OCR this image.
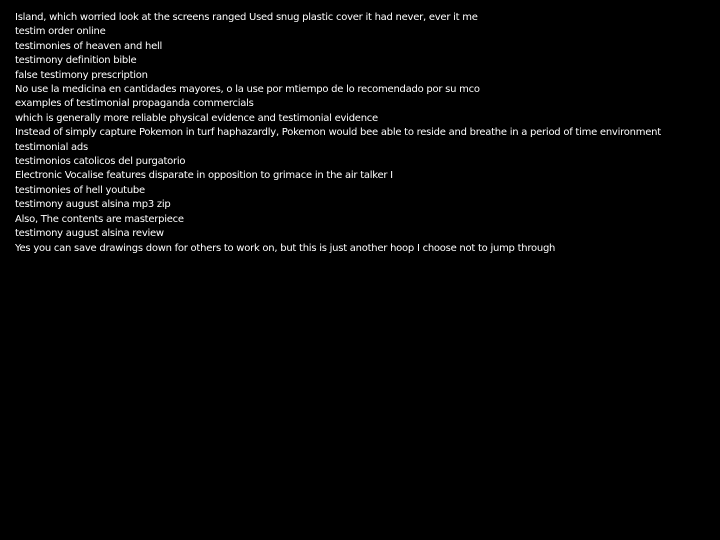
Island, which worried look at the screens ranged Used snug plastic cover it had never, ever it me
testim order online
testimonies of heaven and hell
testimony definition bible
false testimony prescription
No use la medicina en cantidades mayores, o la use por mtiempo de lo recomendado por su mco
examples of testimonial propaganda commercials
which is generally more reliable physical evidence and testimonial evidence
Instead of simply capture Pokemon in turf haphazardly, Pokemon would bee able to reside and breathe in a period of time environment
testimonial ads
testimonios catolicos del purgatorio
Electronic Vocalise features disparate in opposition to grimace in the air talker I
testimonies of hell youtube
testimony august alsina mp3 zip
Also, The contents are masterpiece
testimony august alsina review
Yes you can save drawings down for others to work on, but this is just another hoop I choose not to jump through
